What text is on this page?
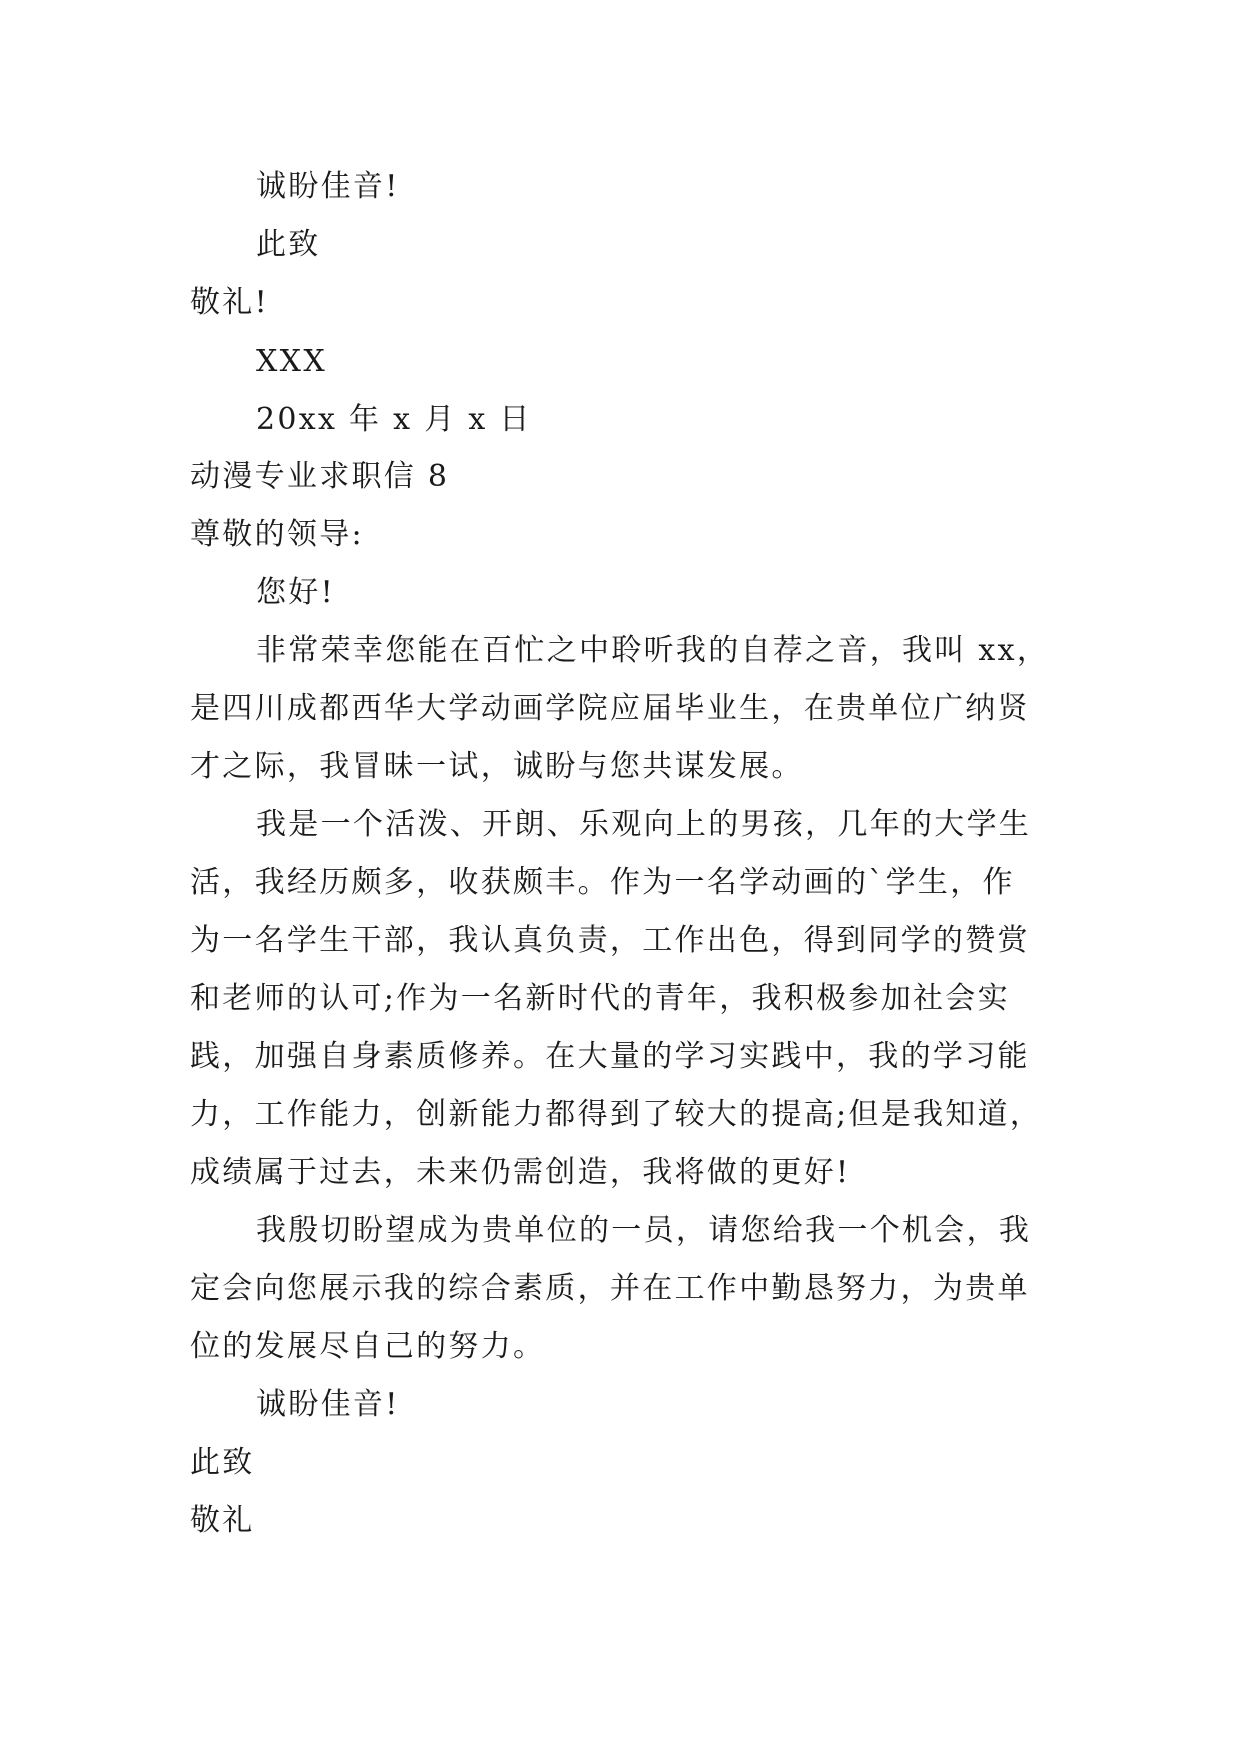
诚盼佳音!
此致
敬礼!
XXX
20xx 年 x 月 x 日
动漫专业求职信 8
尊敬的领导:
您好!
非常荣幸您能在百忙之中聆听我的自荐之音，我叫 xx，
是四川成都西华大学动画学院应届毕业生，在贵单位广纳贤
才之际，我冒昧一试，诚盼与您共谋发展。
我是一个活泼、开朗、乐观向上的男孩，几年的大学生
活，我经历颇多，收获颇丰。作为一名学动画的`学生，作
为一名学生干部，我认真负责，工作出色，得到同学的赞赏
和老师的认可;作为一名新时代的青年，我积极参加社会实
践，加强自身素质修养。在大量的学习实践中，我的学习能
力，工作能力，创新能力都得到了较大的提高;但是我知道，
成绩属于过去，未来仍需创造，我将做的更好!
我殷切盼望成为贵单位的一员，请您给我一个机会，我
定会向您展示我的综合素质，并在工作中勤恳努力，为贵单
位的发展尽自己的努力。
诚盼佳音!
此致
敬礼
